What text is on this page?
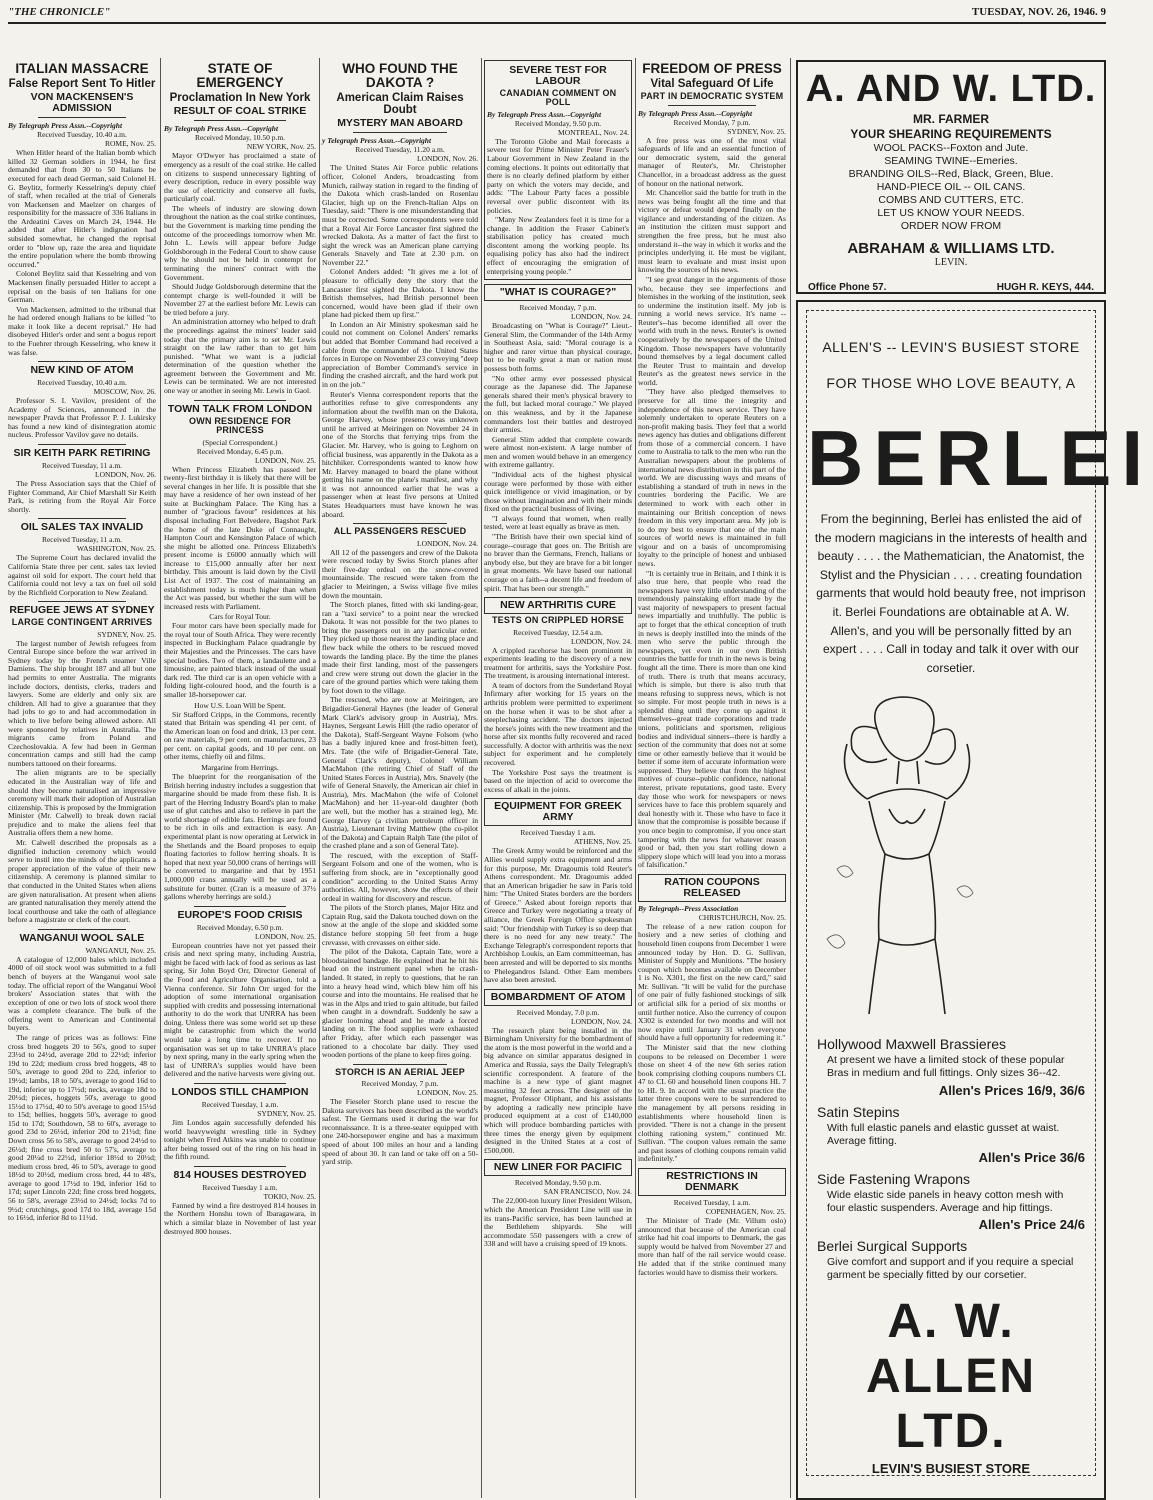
"THE CHRONICLE"	TUESDAY, NOV. 26, 1946. 9
ITALIAN MASSACRE
False Report Sent To Hitler
VON MACKENSEN'S ADMISSION
By Telegraph Press Assn.--Copyright
Received Tuesday, 10.40 a.m.
ROME, Nov. 25.

When Hitler heard of the Italian bomb which killed 32 German soldiers in 1944, he first demanded that from 30 to 50 Italians be executed for each dead German, said Colonel H. G. Beylitz, formerly Kesselring's deputy chief of staff, when recalled at the trial of Generals von Mackensen and Maelzer on charges of responsibility for the massacre of 336 Italians in the Ardeatini Caves on March 24, 1944. He added that after Hitler's indignation had subsided somewhat, he changed the reprisal order to "blow up, raze the area and liquidate the entire population where the bomb throwing occurred."

Colonel Beylitz said that Kesselring and von Mackensen finally persuaded Hitler to accept a reprisal on the basis of ten Italians for one German.

Von Mackensen, admitted to the tribunal that he had ordered enough Italians to be killed "to make it look like a decent reprisal." He had disobeyed Hitler's order and sent a bogus report to the Fuehrer through Kesselring, who knew it was false.

NEW KIND OF ATOM
Received Tuesday, 10.40 a.m.
MOSCOW, Nov. 26.

Professor S. I. Vavilov, president of the Academy of Sciences, announced in the newspaper Pravda that Professor P. J. Lukirsky has found a new kind of disintegration atomic nucleus. Professor Vavilov gave no details.

SIR KEITH PARK RETIRING
Received Tuesday, 11 a.m.
LONDON, Nov. 26.

The Press Association says that the Chief of Fighter Command, Air Chief Marshall Sir Keith Park, is retiring from the Royal Air Force shortly.

OIL SALES TAX INVALID
Received Tuesday, 11 a.m.
WASHINGTON, Nov. 25.

The Supreme Court has declared invalid the California State three per cent. sales tax levied against oil sold for export. The court held that California could not levy a tax on fuel oil sold by the Richfield Corporation to New Zealand.

REFUGEE JEWS AT SYDNEY
LARGE CONTINGENT ARRIVES
SYDNEY, Nov. 25.

The largest number of Jewish refugees from Central Europe since before the war arrived in Sydney today by the French steamer Ville Damiens. The ship brought 187 and all but one had permits to enter Australia. The migrants include doctors, dentists, clerks, traders and lawyers. Some are elderly and only six are children. All had to give a guarantee that they had jobs to go to and had accommodation in which to live before being allowed ashore. All were sponsored by relatives in Australia. The migrants came from Poland and Czechoslovakia. A few had been in German concentration camps and still had the camp numbers tattooed on their forearms.

The alien migrants are to be specially educated in the Australian way of life and should they become naturalised an impressive ceremony will mark their adoption of Australian citizenship. This is proposed by the Immigration Minister (Mr. Calwell) to break down racial prejudice and to make the aliens feel that Australia offers them a new home.

Mr. Calwell described the proposals as a dignified induction ceremony which would serve to instil into the minds of the applicants a proper appreciation of the value of their new citizenship. A ceremony is planned similar to that conducted in the United States when aliens are given naturalisation. At present when aliens are granted naturalisation they merely attend the local courthouse and take the oath of allegiance before a magistrate or clerk of the court.

WANGANUI WOOL SALE
WANGANUI, Nov. 25.

A catalogue of 12,000 bales which included 4000 of oil stock wool was submitted to a full bench of buyers at the Wanganui wool sale today. The official report of the Wanganui Wool brokers' Association states that with the exception of one or two lots of stock wool there was a complete clearance. The bulk of the offering went to American and Continental buyers.

The range of prices was as follows: Fine cross bred hoggets 20 to 56's, good to super 23½d to 24½d, average 20d to 22½d; inferior 19d to 22d; medium cross bred hoggets, 48 to 50's, average to good 20d to 22d, inferior to 19½d; lambs, 18 to 50's, average to good 16d to 19d, inferior up to 17½d; necks, average 18d to 20½d; pieces, hoggets 50's, average to good 15½d to 17½d, 40 to 50's average to good 15½d to 15d; bellies, hoggets 50's, average to good 15d to 17d; Southdown, 58 to 60's, average to good 23d to 26½d, inferior 20d to 21½d; fine Down cross 56 to 58's, average to good 24½d to 26½d; fine cross bred 50 to 57's, average to good 20¼d to 22½d, inferior 18½d to 20½d; medium cross bred, 46 to 50's, average to good 18½d to 20½d, medium cross bred, 44 to 48's, average to good 17½d to 19d, inferior 16d to 17d; super Lincoln 22d; fine cross bred hoggets, 56 to 58's, average 23½d to 24½d; locks 7d to 9½d; crutchings, good 17d to 18d, average 15d to 16½d, inferior 8d to 11½d.

STATE OF EMERGENCY
Proclamation In New York
RESULT OF COAL STRIKE
By Telegraph Press Assn.--Copyright
Received Monday, 10.50 p.m.
NEW YORK, Nov. 25.

Mayor O'Dwyer has proclaimed a state of emergency as a result of the coal strike. He called on citizens to suspend unnecessary lighting of every description, reduce in every possible way the use of electricity and conserve all fuels, particularly coal.

The wheels of industry are slowing down throughout the nation as the coal strike continues, but the Government is marking time pending the outcome of the proceedings tomorrow when Mr. John L. Lewis will appear before Judge Goldsborough in the Federal Court to show cause why he should not be held in contempt for terminating the miners' contract with the Government.

Should Judge Goldsborough determine that the contempt charge is well-founded it will be November 27 at the earliest before Mr. Lewis can be tried before a jury.

An administration attorney who helped to draft the proceedings against the miners' leader said today that the primary aim is to set Mr. Lewis straight on the law rather than to get him punished. "What we want is a judicial determination of the question whether the agreement between the Government and Mr. Lewis can be terminated. We are not interested one way or another in seeing Mr. Lewis in Gaol.

TOWN TALK FROM LONDON
OWN RESIDENCE FOR PRINCESS
(Special Correspondent.)
Received Monday, 6.45 p.m.
LONDON, Nov. 25.

When Princess Elizabeth has passed her twenty-first birthday it is likely that there will be several changes in her life. It is possible that she may have a residence of her own instead of her suite at Buckingham Palace. The King has a number of "gracious favour" residences at his disposal including Fort Belvedere, Bagshot Park the home of the late Duke of Connaught, Hampton Court and Kensington Palace of which she might be allotted one. Princess Elizabeth's present income is £6000 annually which will increase to £15,000 annually after her next birthday. This amount is laid down by the Civil List Act of 1937. The cost of maintaining an establishment today is much higher than when the Act was passed, but whether the sum will be increased rests with Parliament.

Cars for Royal Tour.

Four motor cars have been specially made for the royal tour of South Africa. They were recently inspected in Buckingham Palace quadrangle by their Majesties and the Princesses. The cars have special bodies. Two of them, a landaulette and a limousine, are painted black instead of the usual dark red. The third car is an open vehicle with a folding light-coloured hood, and the fourth is a smaller 18-horsepower car.

How U.S. Loan Will be Spent.

Sir Stafford Cripps, in the Commons, recently stated that Britain was spending 41 per cent. of the American loan on food and drink, 13 per cent. on raw materials, 9 per cent. on manufactures, 23 per cent. on capital goods, and 10 per cent. on other items, chiefly oil and films.

Margarine from Herrings.

The blueprint for the reorganisation of the British herring industry includes a suggestion that margarine should be made from these fish. It is part of the Herring Industry Board's plan to make use of glut catches and also to relieve in part the world shortage of edible fats. Herrings are found to be rich in oils and extraction is easy. An experimental plant is now operating at Lerwick in the Shetlands and the Board proposes to equip floating factories to follow herring shoals. It is hoped that next year 50,000 crans of herrings will be converted to margarine and that by 1951 1,000,000 crans annually will be used as a substitute for butter. (Cran is a measure of 37½ gallons whereby herrings are sold.)

EUROPE'S FOOD CRISIS
Received Monday, 6.50 p.m.
LONDON, Nov. 25.

European countries have not yet passed their crisis and next spring many, including Austria, might be faced with lack of food as serious as last spring, Sir John Boyd Orr, Director General of the Food and Agriculture Organisation, told a Vienna conference. Sir John Orr urged for the adoption of some international organisation supplied with credits and possessing international authority to do the work that UNRRA has been doing. Unless there was some world set up these might be catastrophic from which the world would take a long time to recover. If no organisation was set up to take UNRRA's place by next spring, many in the early spring when the last of UNRRA's supplies would have been delivered and the native harvests were giving out.

LONDOS STILL CHAMPION
Received Tuesday, 1 a.m.
SYDNEY, Nov. 25.

Jim Londos again successfully defended his world heavyweight wrestling title in Sydney tonight when Fred Atkins was unable to continue after being tossed out of the ring on his head in the fifth round.

814 HOUSES DESTROYED
Received Tuesday 1 a.m.
TOKIO, Nov. 25.

Fanned by wind a fire destroyed 814 houses in the Northern Honshu town of Ibaragawara, in which a similar blaze in November of last year destroyed 800 houses.

WHO FOUND THE DAKOTA ?
American Claim Raises Doubt
MYSTERY MAN ABOARD
y Telegraph Press Assn.--Copyright
Received Tuesday, 11.20 a.m.
LONDON, Nov. 26.

The United States Air Force public relations officer, Colonel Anders, broadcasting from Munich, railway station in regard to the finding of the Dakota which crash-landed on Rosenlau Glacier, high up on the French-Italian Alps on Tuesday, said: "There is one misunderstanding that must be corrected. Some correspondents were told that a Royal Air Force Lancaster first sighted the wrecked Dakota. As a matter of fact the first to sight the wreck was an American plane carrying Generals Snavely and Tate at 2.30 p.m. on November 22."

Colonel Anders added: "It gives me a lot of pleasure to officially deny the story that the Lancaster first sighted the Dakota. I know the British themselves, had British personnel been concerned, would have been glad if their own plane had picked them up first."

In London an Air Ministry spokesman said he could not comment on Colonel Anders' remarks but added that Bomber Command had received a cable from the commander of the United States forces in Europe on November 23 conveying "deep appreciation of Bomber Command's service in finding the crashed aircraft, and the hard work put in on the job."

Reuter's Vienna correspondent reports that the authorities refuse to give correspondents any information about the twelfth man on the Dakota, George Harvey, whose presence was unknown until he arrived at Meiringen on November 24 in one of the Storchs that ferrying trips from the Glacier. Mr. Harvey, who is going to Leghorn on official business, was apparently in the Dakota as a hitchhiker. Correspondents wanted to know how Mr. Harvey managed to board the plane without getting his name on the plane's manifest, and why it was not announced earlier that he was a passenger when at least five persons at United States Headquarters must have known he was aboard.

ALL PASSENGERS RESCUED
LONDON, Nov. 24.

All 12 of the passengers and crew of the Dakota were rescued today by Swiss Storch planes after their five-day ordeal on the snow-covered mountainside. The rescued were taken from the glacier to Meiringen, a Swiss village five miles down the mountain.

The Storch planes, fitted with ski landing-gear, ran a "taxi service" to a point near the wrecked Dakota. It was not possible for the two planes to bring the passengers out in any particular order. They picked up those nearest the landing place and flew back while the others to be rescued moved towards the landing place. By the time the planes made their first landing, most of the passengers and crew were strung out down the glacier in the care of the ground parties which were taking them by foot down to the village.

The rescued, who are now at Meiringen, are Brigadier-General Haynes (the leader of General Mark Clark's advisory group in Austria), Mrs. Haynes, Sergeant Lewis Hill (the radio operator of the Dakota), Staff-Sergeant Wayne Folsom (who has a badly injured knee and frost-bitten feet), Mrs. Tate (the wife of Brigadier-General Tate, General Clark's deputy), Colonel William MacMahon (the retiring Chief of Staff of the United States Forces in Austria), Mrs. Snavely (the wife of General Snavely, the American air chief in Austria), Mrs. MacMahon (the wife of Colonel MacMahon) and her 11-year-old daughter (both are well, but the mother has a strained leg), Mr. George Harvey (a civilian petroleum officer in Austria), Lieutenant Irving Matthew (the co-pilot of the Dakota) and Captain Ralph Tate (the pilot of the crashed plane and a son of General Tate).

The rescued, with the exception of Staff-Sergeant Folsom and one of the women, who is suffering from shock, are in "exceptionally good condition" according to the United States Army authorities. All, however, show the effects of their ordeal in waiting for discovery and rescue.

The pilots of the Storch planes, Major Hitz and Captain Rug, said the Dakota touched down on the snow at the angle of the slope and skidded some distance before stopping 50 feet from a huge crevasse, with crevasses on either side.

The pilot of the Dakota, Captain Tate, wore a bloodstained bandage. He explained that he hit his head on the instrument panel when he crash-landed. It stated, in reply to questions, that he ran into a heavy head wind, which blew him off his course and into the mountains. He realised that he was in the Alps and tried to gain altitude, but failed when caught in a downdraft. Suddenly he saw a glacier looming ahead and he made a forced landing on it. The food supplies were exhausted after Friday, after which each passenger was rationed to a chocolate bar daily. They used wooden portions of the plane to keep fires going.

STORCH IS AN AERIAL JEEP
Received Monday, 7 p.m.
LONDON, Nov. 25.

The Fieseler Storch plane used to rescue the Dakota survivors has been described as the world's safest. The Germans used it during the war for reconnaissance. It is a three-seater equipped with one 240-horsepower engine and has a maximum speed of about 100 miles an hour and a landing speed of about 30. It can land or take off on a 50-yard strip.

SEVERE TEST FOR LABOUR
CANADIAN COMMENT ON POLL
By Telegraph Press Assn.--Copyright
Received Monday, 9.50 p.m.
MONTREAL, Nov. 24.

The Toronto Globe and Mail forecasts a severe test for Prime Minister Peter Fraser's Labour Government in New Zealand in the coming elections. It points out editorially that there is no clearly defined platform by either party on which the voters may decide, and adds: "The Labour Party faces a possible reversal over public discontent with its policies.

"Many New Zealanders feel it is time for a change. In addition the Fraser Cabinet's stabilisation policy has created much discontent among the working people. Its equalising policy has also had the indirect effect of encouraging the emigration of enterprising young people."

"WHAT IS COURAGE?"
Received Monday, 7 p.m.
LONDON, Nov. 24.

Broadcasting on "What is Courage?" Lieut.-General Slim, the Commander of the 14th Army in Southeast Asia, said: "Moral courage is a higher and rarer virtue than physical courage, but to be really great a man or nation must possess both forms.

"No other army ever possessed physical courage as the Japanese did. The Japanese generals shared their men's physical bravery to the full, but lacked moral courage." We played on this weakness, and by it the Japanese commanders lost their battles and destroyed their armies.

General Slim added that complete cowards were almost non-existent. A large number of men and women would behave in an emergency with extreme gallantry.

"Individual acts of the highest physical courage were performed by those with either quick intelligence or vivid imagination, or by those without imagination and with their minds fixed on the practical business of living.

"I always found that women, when really tested, were at least equally as brave as men.

"The British have their own special kind of courage--courage that goes on. The British are no braver than the Germans, French, Italians or anybody else, but they are brave for a bit longer in great moments. We have based our national courage on a faith--a decent life and freedom of spirit. That has been our strength."

NEW ARTHRITIS CURE
TESTS ON CRIPPLED HORSE
Received Tuesday, 12.54 a.m.
LONDON, Nov. 24.

A crippled racehorse has been prominent in experiments leading to the discovery of a new treatment for arthritis, says the Yorkshire Post. The treatment, is arousing international interest.

A team of doctors from the Sunderland Royal Infirmary after working for 15 years on the arthritis problem were permitted to experiment on the horse when it was to be shot after a steeplechasing accident. The doctors injected the horse's joints with the new treatment and the horse after six months fully recovered and raced successfully. A doctor with arthritis was the next subject for experiment and he completely recovered.

The Yorkshire Post says the treatment is based on the injection of acid to overcome the excess of alkali in the joints.

EQUIPMENT FOR GREEK ARMY
Received Tuesday 1 a.m.
ATHENS, Nov. 25.

The Greek Army would be reinforced and the Allies would supply extra equipment and arms for this purpose, Mr. Dragoumis told Reuter's Athens correspondent. Mr. Dragoumis added that an American brigadier he saw in Paris told him: "The United States borders are the borders of Greece." Asked about foreign reports that Greece and Turkey were negotiating a treaty of alliance, the Greek Foreign Office spokesman said: "Our friendship with Turkey is so deep that there is no need for any new treaty." The Exchange Telegraph's correspondent reports that Archbishop Loukis, an Eam committeeman, has been arrested and will be deported to six months to Phelegandros Island. Other Eam members have also been arrested.

BOMBARDMENT OF ATOM
Received Monday, 7.0 p.m.
LONDON, Nov. 24.

The research plant being installed in the Birmingham University for the bombardment of the atom is the most powerful in the world and a big advance on similar apparatus designed in America and Russia, says the Daily Telegraph's scientific correspondent. A feature of the machine is a new type of giant magnet measuring 32 feet across. The designer of the magnet, Professor Oliphant, and his assistants by adopting a radically new principle have produced equipment at a cost of £140,000 which will produce bombarding particles with three times the energy given by equipment designed in the United States at a cost of £500,000.

NEW LINER FOR PACIFIC
Received Monday, 9.50 p.m.
SAN FRANCISCO, Nov. 24.

The 22,000-ton luxury liner President Wilson, which the American President Line will use in its trans-Pacific service, has been launched at the Bethlehem shipyards. She will accommodate 550 passengers with a crew of 338 and will have a cruising speed of 19 knots.

FREEDOM OF PRESS
Vital Safeguard Of Life
PART IN DEMOCRATIC SYSTEM
By Telegraph Press Assn.--Copyright
Received Monday, 7 p.m.
SYDNEY, Nov. 25.

A free press was one of the most vital safeguards of life and an essential function of our democratic system, said the general manager of Reuter's, Mr. Christopher Chancellor, in a broadcast address as the guest of honour on the national network.

Mr. Chancellor said the battle for truth in the news was being fought all the time and that victory or defeat would depend finally on the vigilance and understanding of the citizen. As an institution the citizen must support and strengthen the free press, but he must also understand it--the way in which it works and the principles underlying it. He must be vigilant, must learn to evaluate and must insist upon knowing the sources of his news.

"I see great danger in the arguments of those who, because they see imperfections and blemishes in the working of the institution, seek to undermine the institution itself. My job is running a world news service. It's name --Reuter's--has become identified all over the world with truth in the news. Reuter's is owned cooperatively by the newspapers of the United Kingdom. Those newspapers have voluntarily bound themselves by a legal document called the Reuter Trust to maintain and develop Reuter's as the greatest news service in the world.

"They have also pledged themselves to preserve for all time the integrity and independence of this news service. They have solemnly undertaken to operate Reuters on a non-profit making basis. They feel that a world news agency has duties and obligations different from those of a commercial concern. I have come to Australia to talk to the men who run the Australian newspapers about the problems of international news distribution in this part of the world. We are discussing ways and means of establishing a standard of truth in news in the countries bordering the Pacific. We are determined to work with each other in maintaining our British conception of news freedom in this very important area. My job is to do my best to ensure that one of the main sources of world news is maintained in full vigour and on a basis of uncompromising loyalty to the principle of honest and unbiased news.

"It is certainly true in Britain, and I think it is also true here, that people who read the newspapers have very little understanding of the tremendously painstaking effort made by the vast majority of newspapers to present factual news impartially and truthfully. The public is apt to forget that the ethical conception of truth in news is deeply instilled into the minds of the men who serve the public through the newspapers, yet even in our own British countries the battle for truth in the news is being fought all the time. There is more than one kind of truth. There is truth that means accuracy, which is simple, but there is also truth that means refusing to suppress news, which is not so simple. For most people truth in news is a splendid thing until they come up against it themselves--great trade corporations and trade unions, politicians and sportsmen, religious bodies and individual sinners--there is hardly a section of the community that does not at some time or other earnestly believe that it would be better if some item of accurate information were suppressed. They believe that from the highest motives of course--public confidence, national interest, private reputations, good taste. Every day those who work for newspapers or news services have to face this problem squarely and deal honestly with it. Those who have to face it know that the compromise is possible because if you once begin to compromise, if you once start tampering with the news for whatever reason good or bad, then you start rolling down a slippery slope which will lead you into a morass of falsification."

RATION COUPONS RELEASED
By Telegraph--Press Association
CHRISTCHURCH, Nov. 25.

The release of a new ration coupon for hosiery and a new series of clothing and household linen coupons from December 1 were announced today by Hon. D. G. Sullivan, Minister of Supply and Munitions. "The hosiery coupon which becomes available on December 1 is No. X301, the first on the new card," said Mr. Sullivan. "It will be valid for the purchase of one pair of fully fashioned stockings of silk or artificial silk for a period of six months or until further notice. Also the currency of coupon X302 is extended for two months and will not now expire until January 31 when everyone should have a full opportunity for redeeming it."

The Minister said that the new clothing coupons to be released on December 1 were those on sheet 4 of the new 6th series ration book comprising clothing coupons numbers CL 47 to CL 60 and household linen coupons HL 7 to HL 9. In accord with the usual practice the latter three coupons were to be surrendered to the management by all persons residing in establishments where household linen is provided. "There is not a change in the present clothing rationing system," continued Mr. Sullivan. "The coupon values remain the same and past issues of clothing coupons remain valid indefinitely."

RESTRICTIONS IN DENMARK
Received Tuesday, 1 a.m.
COPENHAGEN, Nov. 25.

The Minister of Trade (Mr. Villum oslo) announced that because of the American coal strike had hit coal imports to Denmark, the gas supply would be halved from November 27 and more than half of the rail service would cease. He added that if the strike continued many factories would have to dismiss their workers.

A. AND W. LTD.
MR. FARMER
YOUR SHEARING REQUIREMENTS
WOOL PACKS--Foxton and Jute.
SEAMING TWINE--Emeries.
BRANDING OILS--Red, Black, Green, Blue.
HAND-PIECE OIL -- OIL CANS.
COMBS AND CUTTERS, ETC.
LET US KNOW YOUR NEEDS.
ORDER NOW FROM
ABRAHAM & WILLIAMS LTD.
LEVIN.
Office Phone 57.	HUGH R. KEYS, 444.
ALLEN'S -- LEVIN'S BUSIEST STORE
FOR THOSE WHO LOVE BEAUTY, A
BERLEI
From the beginning, Berlei has enlisted the aid of the modern magicians in the interests of health and beauty . . . . the Mathematician, the Anatomist, the Stylist and the Physician . . . . creating foundation garments that would hold beauty free, not imprison it. Berlei Foundations are obtainable at A. W. Allen's, and you will be personally fitted by an expert . . . . Call in today and talk it over with our corsetier.
Hollywood Maxwell Brassieres
At present we have a limited stock of these popular Bras in medium and full fittings. Only sizes 36--42.
Allen's Prices 16/9, 36/6
Satin Stepins
With full elastic panels and elastic gusset at waist. Average fitting.
Allen's Price 36/6
Side Fastening Wrapons
Wide elastic side panels in heavy cotton mesh with four elastic suspenders. Average and hip fittings.
Allen's Price 24/6
Berlei Surgical Supports
Give comfort and support and if you require a special garment be specially fitted by our corsetier.
A. W. ALLEN LTD.
LEVIN'S BUSIEST STORE
